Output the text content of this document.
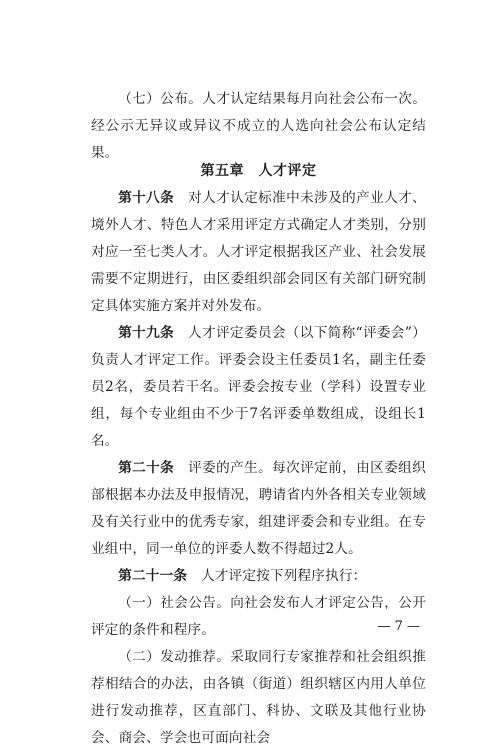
（七）公布。人才认定结果每月向社会公布一次。经公示无异议或异议不成立的人选向社会公布认定结果。

第五章　人才评定

第十八条　对人才认定标准中未涉及的产业人才、境外人才、特色人才采用评定方式确定人才类别，分别对应一至七类人才。人才评定根据我区产业、社会发展需要不定期进行，由区委组织部会同区有关部门研究制定具体实施方案并对外发布。

第十九条　人才评定委员会（以下简称“评委会”）负责人才评定工作。评委会设主任委员1名，副主任委员2名，委员若干名。评委会按专业（学科）设置专业组，每个专业组由不少于7名评委单数组成，设组长1名。

第二十条　评委的产生。每次评定前，由区委组织部根据本办法及申报情况，聘请省内外各相关专业领域及有关行业中的优秀专家，组建评委会和专业组。在专业组中，同一单位的评委人数不得超过2人。

第二十一条　人才评定按下列程序执行：

（一）社会公告。向社会发布人才评定公告，公开评定的条件和程序。

（二）发动推荐。采取同行专家推荐和社会组织推荐相结合的办法，由各镇（街道）组织辖区内用人单位进行发动推荐，区直部门、科协、文联及其他行业协会、商会、学会也可面向社会

— 7 —
